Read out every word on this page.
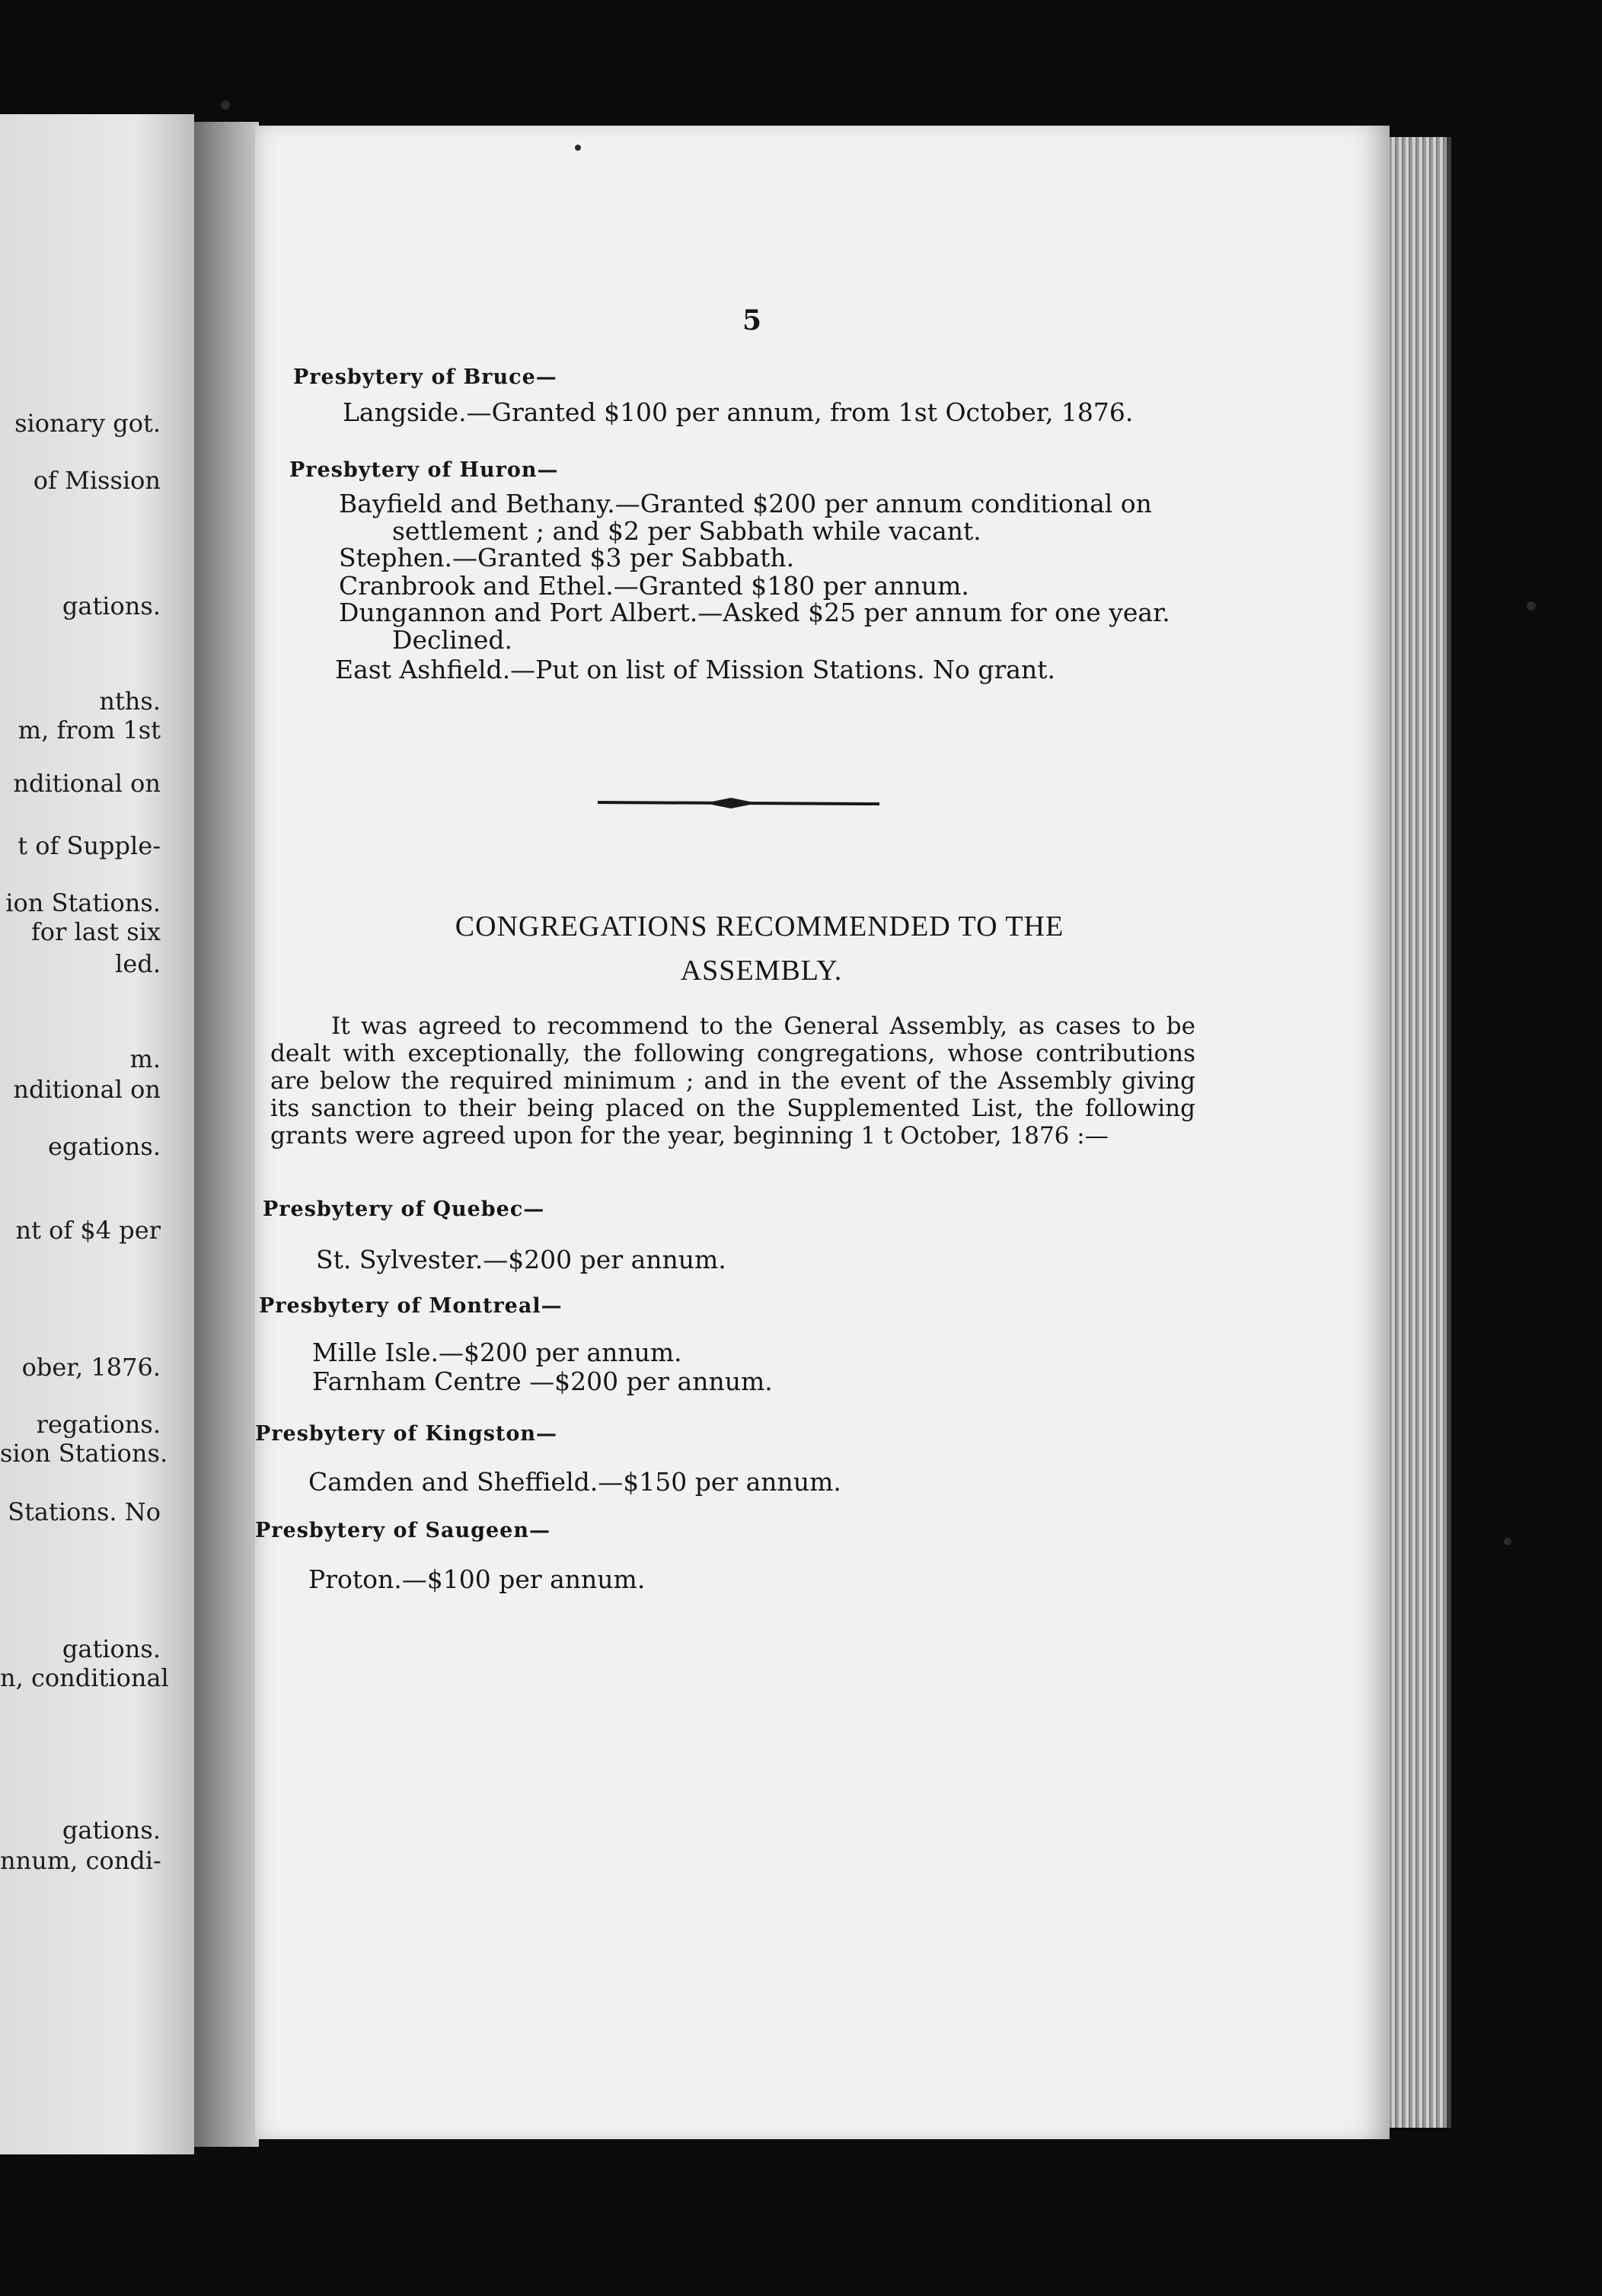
sionary got.
of Mission
gations.
nths.
m, from 1st
nditional on
t of Supple-
ion Stations.
for last six
led.
m.
nditional on
egations.
nt of $4 per
ober, 1876.
regations.
sion Stations.
Stations. No
gations.
n, conditional
gations.
nnum, condi-
5
Presbytery of Bruce—
Langside.—Granted $100 per annum, from 1st October, 1876.
Presbytery of Huron—
Bayfield and Bethany.—Granted $200 per annum conditional on
settlement ; and $2 per Sabbath while vacant.
Stephen.—Granted $3 per Sabbath.
Cranbrook and Ethel.—Granted $180 per annum.
Dungannon and Port Albert.—Asked $25 per annum for one year.
Declined.
East Ashfield.—Put on list of Mission Stations. No grant.
CONGREGATIONS RECOMMENDED TO THE
ASSEMBLY.
It was agreed to recommend to the General Assembly, as cases to be dealt with exceptionally, the following congregations, whose contributions are below the required minimum ; and in the event of the Assembly giving its sanction to their being placed on the Supplemented List, the following grants were agreed upon for the year, beginning 1 t October, 1876 :—
Presbytery of Quebec—
St. Sylvester.—$200 per annum.
Presbytery of Montreal—
Mille Isle.—$200 per annum.
Farnham Centre —$200 per annum.
Presbytery of Kingston—
Camden and Sheffield.—$150 per annum.
Presbytery of Saugeen—
Proton.—$100 per annum.
